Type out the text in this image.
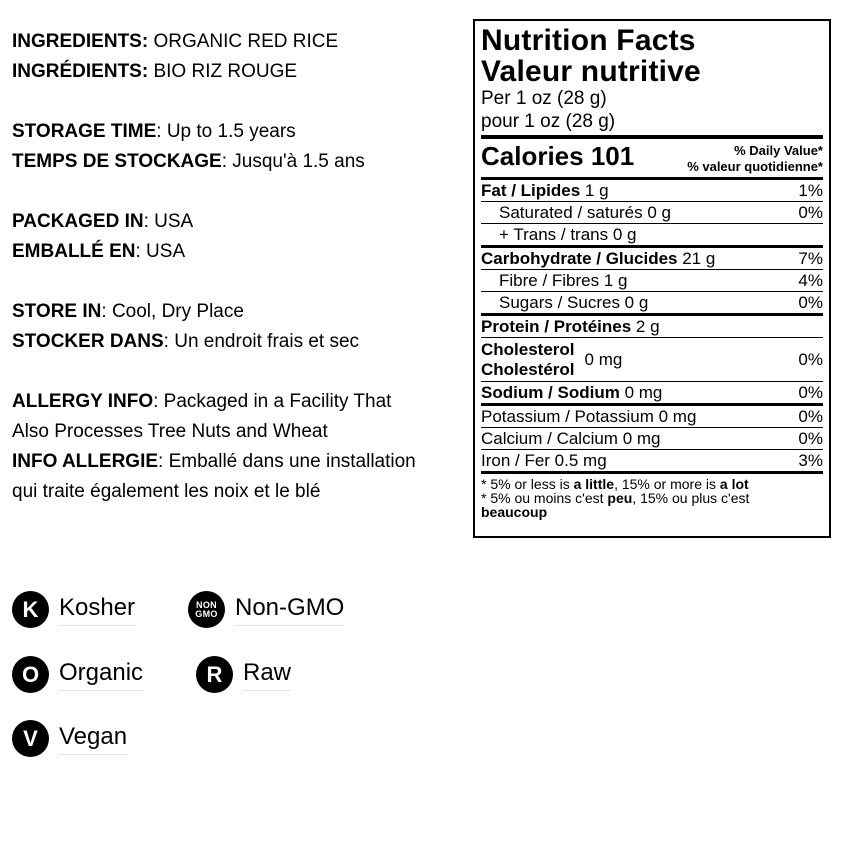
INGREDIENTS: ORGANIC RED RICE
INGRÉDIENTS: BIO RIZ ROUGE
STORAGE TIME: Up to 1.5 years
TEMPS DE STOCKAGE: Jusqu'à 1.5 ans
PACKAGED IN: USA
EMBALLÉ EN: USA
STORE IN: Cool, Dry Place
STOCKER DANS: Un endroit frais et sec
ALLERGY INFO: Packaged in a Facility That
Also Processes Tree Nuts and Wheat
INFO ALLERGIE: Emballé dans une installation
qui traite également les noix et le blé
K Kosher	NON
GMO Non-GMO
O Organic	R Raw
V Vegan
Nutrition Facts
Valeur nutritive
Per 1 oz (28 g)
pour 1 oz (28 g)
Calories 101	% Daily Value*
% valeur quotidienne*
Fat / Lipides 1 g	1%
Saturated / saturés 0 g	0%
+ Trans / trans 0 g
Carbohydrate / Glucides 21 g	7%
Fibre / Fibres 1 g	4%
Sugars / Sucres 0 g	0%
Protein / Protéines 2 g
Cholesterol
Cholestérol
0 mg	0%
Sodium / Sodium 0 mg	0%
Potassium / Potassium 0 mg	0%
Calcium / Calcium 0 mg	0%
Iron / Fer 0.5 mg	3%
* 5% or less is a little, 15% or more is a lot
* 5% ou moins c'est peu, 15% ou plus c'est
beaucoup
